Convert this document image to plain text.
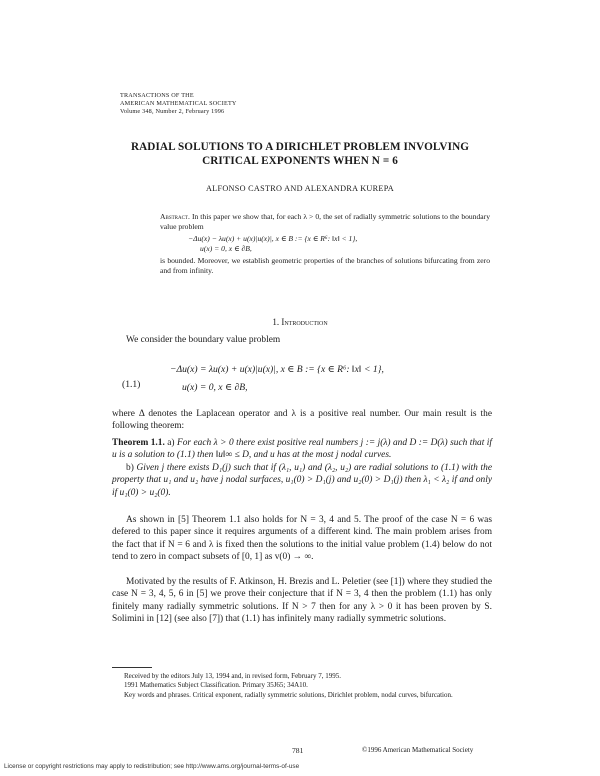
TRANSACTIONS OF THE
AMERICAN MATHEMATICAL SOCIETY
Volume 348, Number 2, February 1996
RADIAL SOLUTIONS TO A DIRICHLET PROBLEM INVOLVING
CRITICAL EXPONENTS WHEN N = 6
ALFONSO CASTRO AND ALEXANDRA KUREPA
Abstract. In this paper we show that, for each λ > 0, the set of radially symmetric solutions to the boundary value problem
−Δu(x) − λu(x) + u(x)|u(x)|, x ∈ B := {x ∈ R⁶: ‖x‖ < 1},
u(x) = 0, x ∈ ∂B,
is bounded. Moreover, we establish geometric properties of the branches of solutions bifurcating from zero and from infinity.
1. Introduction
We consider the boundary value problem
−Δu(x) = λu(x) + u(x)|u(x)|, x ∈ B := {x ∈ R⁶: ‖x‖ < 1},
(1.1)	u(x) = 0, x ∈ ∂B,
where Δ denotes the Laplacean operator and λ is a positive real number. Our main result is the following theorem:
Theorem 1.1. a) For each λ > 0 there exist positive real numbers j := j(λ) and D := D(λ) such that if u is a solution to (1.1) then ‖u‖∞ ≤ D, and u has at the most j nodal curves.
b) Given j there exists D₁(j) such that if (λ₁, u₁) and (λ₂, u₂) are radial solutions to (1.1) with the property that u₁ and u₂ have j nodal surfaces, u₁(0) > D₁(j) and u₂(0) > D₁(j) then λ₁ < λ₂ if and only if u₁(0) > u₂(0).
As shown in [5] Theorem 1.1 also holds for N = 3, 4 and 5. The proof of the case N = 6 was defered to this paper since it requires arguments of a different kind. The main problem arises from the fact that if N = 6 and λ is fixed then the solutions to the initial value problem (1.4) below do not tend to zero in compact subsets of [0, 1] as v(0) → ∞.
Motivated by the results of F. Atkinson, H. Brezis and L. Peletier (see [1]) where they studied the case N = 3, 4, 5, 6 in [5] we prove their conjecture that if N = 3, 4 then the problem (1.1) has only finitely many radially symmetric solutions. If N > 7 then for any λ > 0 it has been proven by S. Solimini in [12] (see also [7]) that (1.1) has infinitely many radially symmetric solutions.
Received by the editors July 13, 1994 and, in revised form, February 7, 1995.
1991 Mathematics Subject Classification. Primary 35J65; 34A10.
Key words and phrases. Critical exponent, radially symmetric solutions, Dirichlet problem, nodal curves, bifurcation.
781	©1996 American Mathematical Society
License or copyright restrictions may apply to redistribution; see http://www.ams.org/journal-terms-of-use
